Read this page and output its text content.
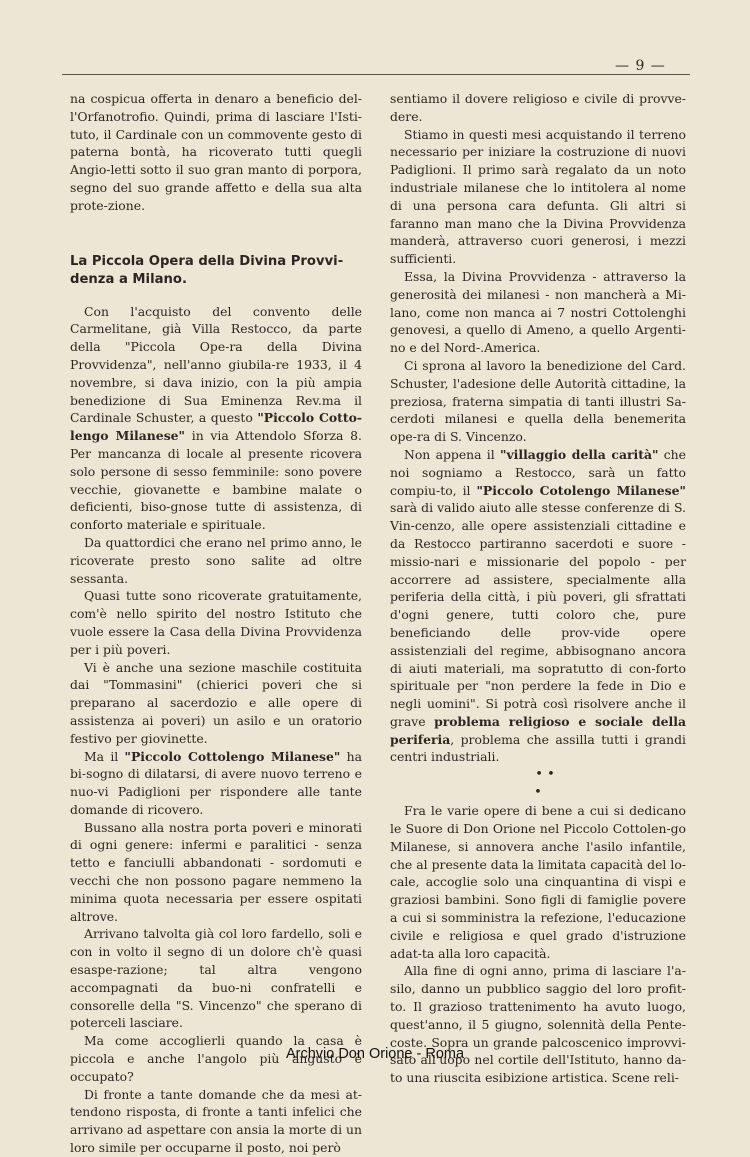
— 9 —

na cospicua offerta in denaro a beneficio del-l'Orfanotrofio. Quindi, prima di lasciare l'Isti-tuto, il Cardinale con un commovente gesto di paterna bontà, ha ricoverato tutti quegli Angio-letti sotto il suo gran manto di porpora, segno del suo grande affetto e della sua alta prote-zione.

La Piccola Opera della Divina Provvi-denza a Milano.

Con l'acquisto del convento delle Carmelitane, già Villa Restocco, da parte della "Piccola Ope-ra della Divina Provvidenza", nell'anno giubila-re 1933, il 4 novembre, si dava inizio, con la più ampia benedizione di Sua Eminenza Rev.ma il Cardinale Schuster, a questo "Piccolo Cotto-lengo Milanese" in via Attendolo Sforza 8. Per mancanza di locale al presente ricovera solo persone di sesso femminile: sono povere vecchie, giovanette e bambine malate o deficienti, biso-gnose tutte di assistenza, di conforto materiale e spirituale.

Da quattordici che erano nel primo anno, le ricoverate presto sono salite ad oltre sessanta.

Quasi tutte sono ricoverate gratuitamente, com'è nello spirito del nostro Istituto che vuole essere la Casa della Divina Provvidenza per i più poveri.

Vi è anche una sezione maschile costituita dai "Tommasini" (chierici poveri che si preparano al sacerdozio e alle opere di assistenza ai poveri) un asilo e un oratorio festivo per giovinette.

Ma il "Piccolo Cottolengo Milanese" ha bi-sogno di dilatarsi, di avere nuovo terreno e nuo-vi Padiglioni per rispondere alle tante domande di ricovero.

Bussano alla nostra porta poveri e minorati di ogni genere: infermi e paralitici - senza tetto e fanciulli abbandonati - sordomuti e vecchi che non possono pagare nemmeno la minima quota necessaria per essere ospitati altrove.

Arrivano talvolta già col loro fardello, soli e con in volto il segno di un dolore ch'è quasi esaspe-razione; tal altra vengono accompagnati da buo-ni confratelli e consorelle della "S. Vincenzo" che sperano di poterceli lasciare.

Ma come accoglierli quando la casa è piccola e anche l'angolo più angusto è occupato?

Di fronte a tante domande che da mesi at-tendono risposta, di fronte a tanti infelici che arrivano ad aspettare con ansia la morte di un loro simile per occuparne il posto, noi però

sentiamo il dovere religioso e civile di provve-dere.

Stiamo in questi mesi acquistando il terreno necessario per iniziare la costruzione di nuovi Padiglioni. Il primo sarà regalato da un noto industriale milanese che lo intitolera al nome di una persona cara defunta. Gli altri si faranno man mano che la Divina Provvidenza manderà, attraverso cuori generosi, i mezzi sufficienti.

Essa, la Divina Provvidenza - attraverso la generosità dei milanesi - non mancherà a Mi-lano, come non manca ai 7 nostri Cottolenghi genovesi, a quello di Ameno, a quello Argenti-no e del Nord-.America.

Ci sprona al lavoro la benedizione del Card. Schuster, l'adesione delle Autorità cittadine, la preziosa, fraterna simpatia di tanti illustri Sa-cerdoti milanesi e quella della benemerita ope-ra di S. Vincenzo.

Non appena il "villaggio della carità" che noi sogniamo a Restocco, sarà un fatto compiu-to, il "Piccolo Cotolengo Milanese" sarà di valido aiuto alle stesse conferenze di S. Vin-cenzo, alle opere assistenziali cittadine e da Restocco partiranno sacerdoti e suore - missio-nari e missionarie del popolo - per accorrere ad assistere, specialmente alla periferia della città, i più poveri, gli sfrattati d'ogni genere, tutti coloro che, pure beneficiando delle prov-vide opere assistenziali del regime, abbisognano ancora di aiuti materiali, ma sopratutto di con-forto spirituale per "non perdere la fede in Dio e negli uomini". Si potrà così risolvere anche il grave problema religioso e sociale della periferia, problema che assilla tutti i grandi centri industriali.

• •
•

Fra le varie opere di bene a cui si dedicano le Suore di Don Orione nel Piccolo Cottolen-go Milanese, si annovera anche l'asilo infantile, che al presente data la limitata capacità del lo-cale, accoglie solo una cinquantina di vispi e graziosi bambini. Sono figli di famiglie povere a cui si somministra la refezione, l'educazione civile e religiosa e quel grado d'istruzione adat-ta alla loro capacità.

Alla fine di ogni anno, prima di lasciare l'a-silo, danno un pubblico saggio del loro profit-to. Il grazioso trattenimento ha avuto luogo, quest'anno, il 5 giugno, solennità della Pente-coste. Sopra un grande palcoscenico improvvi-sato all'uopo nel cortile dell'Istituto, hanno da-to una riuscita esibizione artistica. Scene reli-

Archvio Don Orione - Roma
